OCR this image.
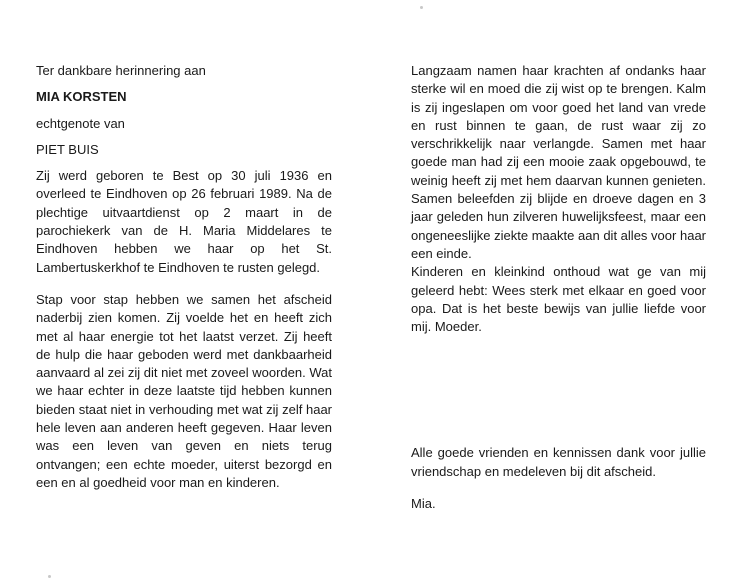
Ter dankbare herinnering aan

MIA KORSTEN

echtgenote van

PIET BUIS

Zij werd geboren te Best op 30 juli 1936 en overleed te Eindhoven op 26 februari 1989. Na de plechtige uitvaartdienst op 2 maart in de parochiekerk van de H. Maria Middelares te Eindhoven hebben we haar op het St. Lambertuskerkhof te Eindhoven te rusten gelegd.

Stap voor stap hebben we samen het afscheid naderbij zien komen. Zij voelde het en heeft zich met al haar energie tot het laatst verzet. Zij heeft de hulp die haar geboden werd met dankbaarheid aanvaard al zei zij dit niet met zoveel woorden. Wat we haar echter in deze laatste tijd hebben kunnen bieden staat niet in verhouding met wat zij zelf haar hele leven aan anderen heeft gegeven. Haar leven was een leven van geven en niets terug ontvangen; een echte moeder, uiterst bezorgd en een en al goedheid voor man en kinderen.

Langzaam namen haar krachten af ondanks haar sterke wil en moed die zij wist op te brengen. Kalm is zij ingeslapen om voor goed het land van vrede en rust binnen te gaan, de rust waar zij zo verschrikkelijk naar verlangde. Samen met haar goede man had zij een mooie zaak opgebouwd, te weinig heeft zij met hem daarvan kunnen genieten. Samen beleefden zij blijde en droeve dagen en 3 jaar geleden hun zilveren huwelijksfeest, maar een ongeneeslijke ziekte maakte aan dit alles voor haar een einde.

Kinderen en kleinkind onthoud wat ge van mij geleerd hebt: Wees sterk met elkaar en goed voor opa. Dat is het beste bewijs van jullie liefde voor mij. Moeder.

Alle goede vrienden en kennissen dank voor jullie vriendschap en medeleven bij dit afscheid.

Mia.
